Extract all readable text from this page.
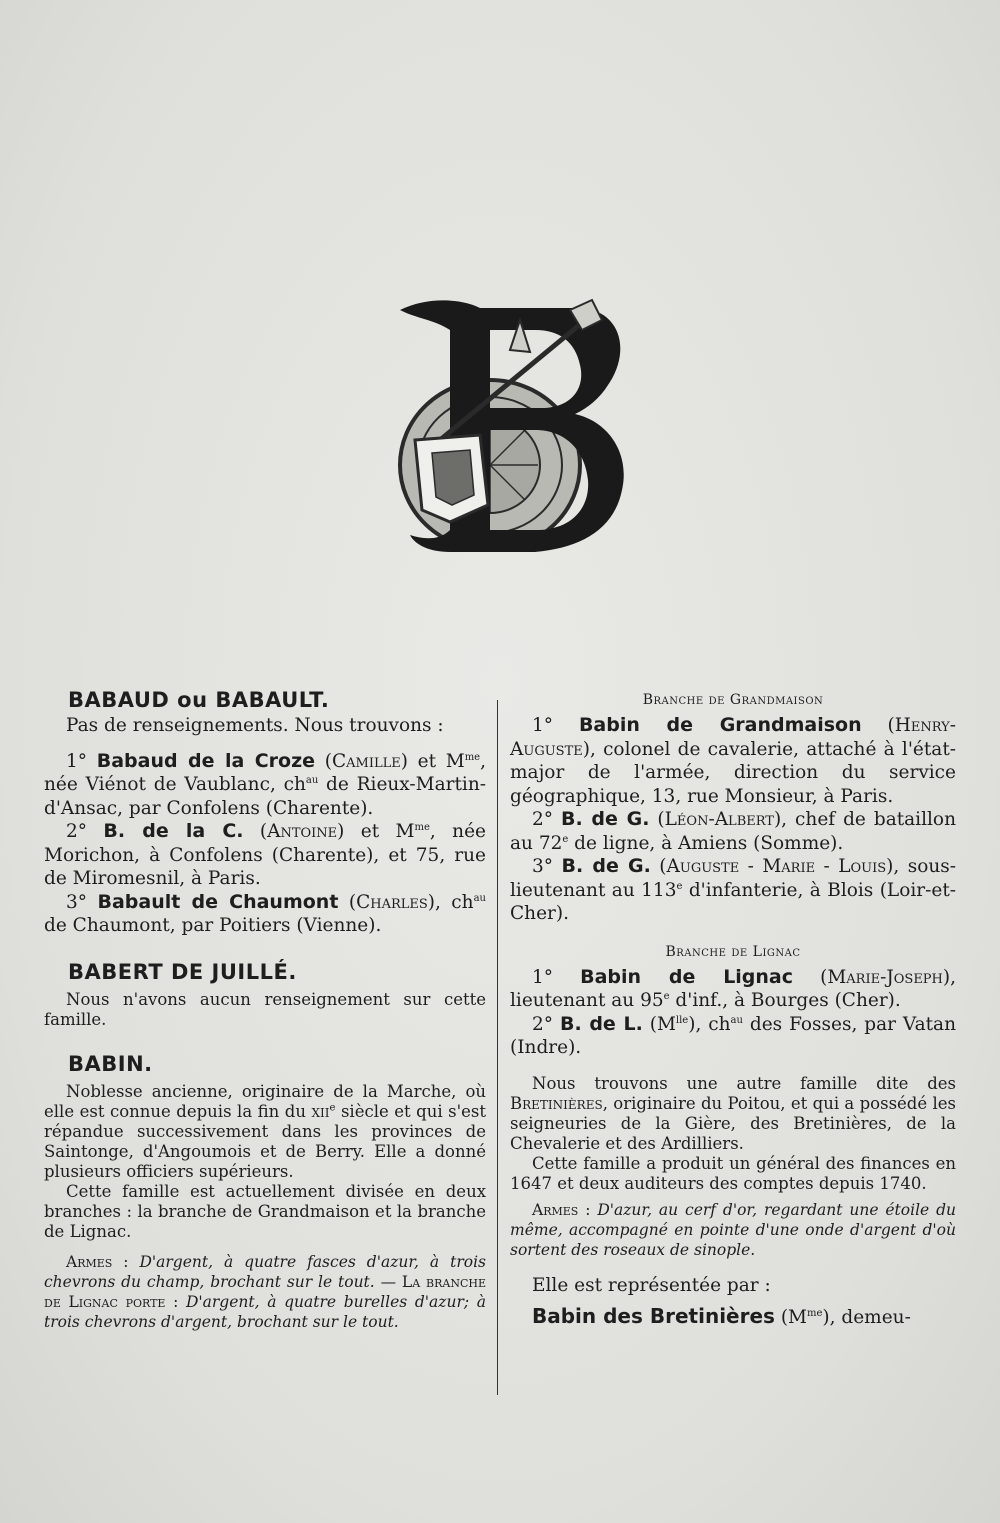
BABAUD ou BABAULT.

Pas de renseignements. Nous trouvons :

1° Babaud de la Croze (Camille) et $M^{me}$, née Viénot de Vaublanc, $ch^{au}$ de Rieux-Martin-d'Ansac, par Confolens (Charente).

2° B. de la C. (Antoine) et $M^{me}$, née Morichon, à Confolens (Charente), et 75, rue de Miromesnil, à Paris.

3° Babault de Chaumont (Charles), $ch^{au}$ de Chaumont, par Poitiers (Vienne).

BABERT DE JUILLÉ.

Nous n'avons aucun renseignement sur cette famille.

BABIN.

Noblesse ancienne, originaire de la Marche, où elle est connue depuis la fin du xii$^e$ siècle et qui s'est répandue successivement dans les provinces de Saintonge, d'Angoumois et de Berry. Elle a donné plusieurs officiers supérieurs.

Cette famille est actuellement divisée en deux branches : la branche de Grandmaison et la branche de Lignac.

Armes : D'argent, à quatre fasces d'azur, à trois chevrons du champ, brochant sur le tout. — La branche de Lignac porte : D'argent, à quatre burelles d'azur; à trois chevrons d'argent, brochant sur le tout.

Branche de Grandmaison

1° Babin de Grandmaison (Henry-Auguste), colonel de cavalerie, attaché à l'état-major de l'armée, direction du service géographique, 13, rue Monsieur, à Paris.

2° B. de G. (Léon-Albert), chef de bataillon au 72e de ligne, à Amiens (Somme).

3° B. de G. (Auguste - Marie - Louis), sous-lieutenant au 113e d'infanterie, à Blois (Loir-et-Cher).

Branche de Lignac

1° Babin de Lignac (Marie-Joseph), lieutenant au 95e d'inf., à Bourges (Cher).

2° B. de L. $(M^{lle})$, $ch^{au}$ des Fosses, par Vatan (Indre).

Nous trouvons une autre famille dite des Bretinières, originaire du Poitou, et qui a possédé les seigneuries de la Gière, des Bretinières, de la Chevalerie et des Ardilliers.

Cette famille a produit un général des finances en 1647 et deux auditeurs des comptes depuis 1740.

Armes : D'azur, au cerf d'or, regardant une étoile du même, accompagné en pointe d'une onde d'argent d'où sortent des roseaux de sinople.

Elle est représentée par :

Babin des Bretinières $(M^{me})$, demeu-
